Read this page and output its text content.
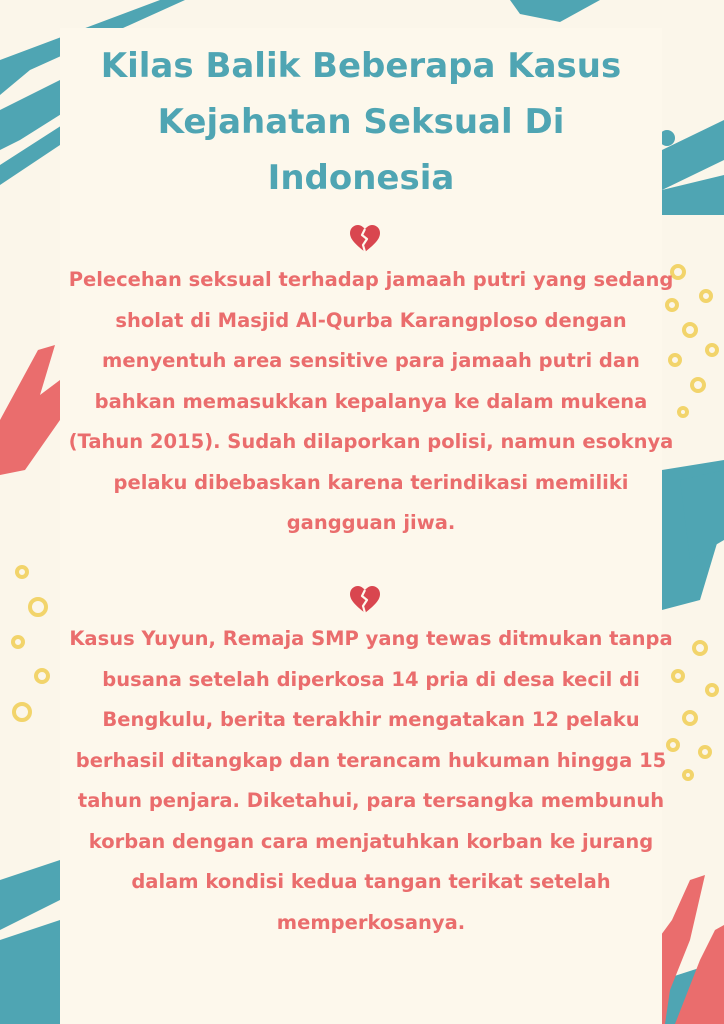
Kilas Balik Beberapa Kasus Kejahatan Seksual Di Indonesia

Pelecehan seksual terhadap jamaah putri yang sedang sholat di Masjid Al-Qurba Karangploso dengan menyentuh area sensitive para jamaah putri dan bahkan memasukkan kepalanya ke dalam mukena (Tahun 2015). Sudah dilaporkan polisi, namun esoknya pelaku dibebaskan karena terindikasi memiliki gangguan jiwa.

Kasus Yuyun, Remaja SMP yang tewas ditmukan tanpa busana setelah diperkosa 14 pria di desa kecil di Bengkulu, berita terakhir mengatakan 12 pelaku berhasil ditangkap dan terancam hukuman hingga 15 tahun penjara. Diketahui, para tersangka membunuh korban dengan cara menjatuhkan korban ke jurang dalam kondisi kedua tangan terikat setelah memperkosanya.
